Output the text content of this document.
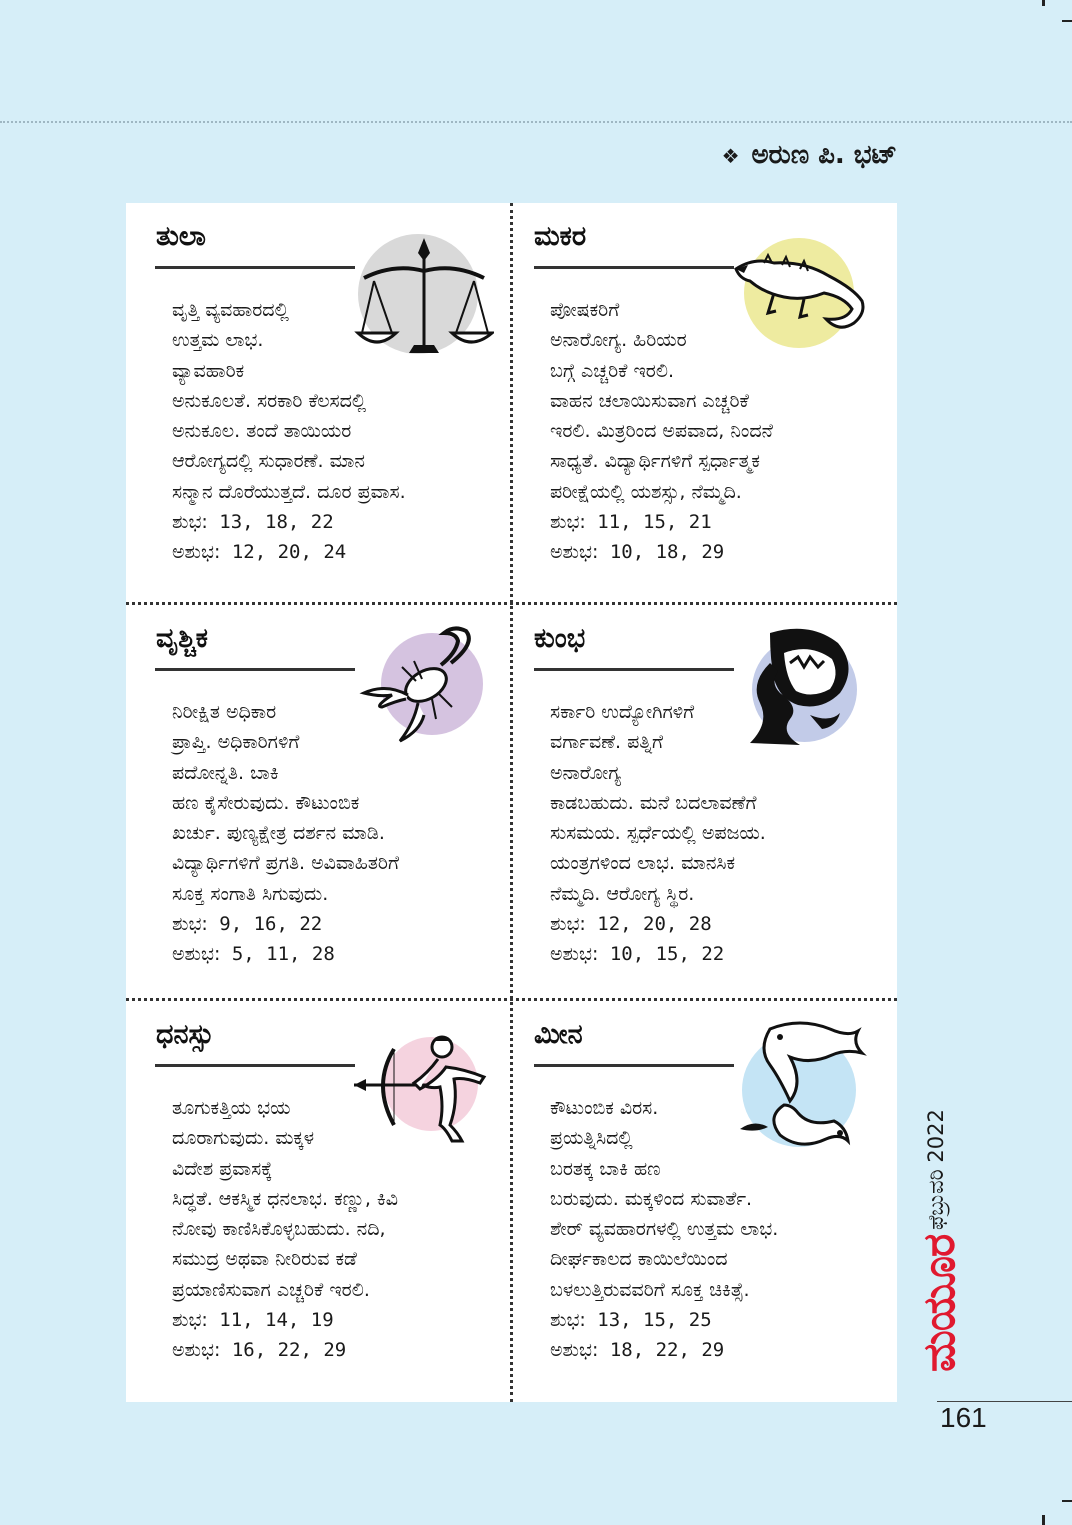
❖ ಅರುಣ ಪಿ. ಭಟ್
ತುಲಾ
ವೃತ್ತಿ ವ್ಯವಹಾರದಲ್ಲಿ
ಉತ್ತಮ ಲಾಭ.
ವ್ಯಾವಹಾರಿಕ
ಅನುಕೂಲತೆ. ಸರಕಾರಿ ಕೆಲಸದಲ್ಲಿ
ಅನುಕೂಲ. ತಂದೆ ತಾಯಿಯರ
ಆರೋಗ್ಯದಲ್ಲಿ ಸುಧಾರಣೆ. ಮಾನ
ಸನ್ಮಾನ ದೊರೆಯುತ್ತದೆ. ದೂರ ಪ್ರವಾಸ.
ಶುಭ: 13, 18, 22
ಅಶುಭ: 12, 20, 24
ಮಕರ
ಪೋಷಕರಿಗೆ
ಅನಾರೋಗ್ಯ. ಹಿರಿಯರ
ಬಗ್ಗೆ ಎಚ್ಚರಿಕೆ ಇರಲಿ.
ವಾಹನ ಚಲಾಯಿಸುವಾಗ ಎಚ್ಚರಿಕೆ
ಇರಲಿ. ಮಿತ್ರರಿಂದ ಅಪವಾದ, ನಿಂದನೆ
ಸಾಧ್ಯತೆ. ವಿದ್ಯಾರ್ಥಿಗಳಿಗೆ ಸ್ಪರ್ಧಾತ್ಮಕ
ಪರೀಕ್ಷೆಯಲ್ಲಿ ಯಶಸ್ಸು, ನೆಮ್ಮದಿ.
ಶುಭ: 11, 15, 21
ಅಶುಭ: 10, 18, 29
ವೃಶ್ಚಿಕ
ನಿರೀಕ್ಷಿತ ಅಧಿಕಾರ
ಪ್ರಾಪ್ತಿ. ಅಧಿಕಾರಿಗಳಿಗೆ
ಪದೋನ್ನತಿ. ಬಾಕಿ
ಹಣ ಕೈಸೇರುವುದು. ಕೌಟುಂಬಿಕ
ಖರ್ಚು. ಪುಣ್ಯಕ್ಷೇತ್ರ ದರ್ಶನ ಮಾಡಿ.
ವಿದ್ಯಾರ್ಥಿಗಳಿಗೆ ಪ್ರಗತಿ. ಅವಿವಾಹಿತರಿಗೆ
ಸೂಕ್ತ ಸಂಗಾತಿ ಸಿಗುವುದು.
ಶುಭ: 9, 16, 22
ಅಶುಭ: 5, 11, 28
ಕುಂಭ
ಸರ್ಕಾರಿ ಉದ್ಯೋಗಿಗಳಿಗೆ
ವರ್ಗಾವಣೆ. ಪತ್ನಿಗೆ
ಅನಾರೋಗ್ಯ
ಕಾಡಬಹುದು. ಮನೆ ಬದಲಾವಣೆಗೆ
ಸುಸಮಯ. ಸ್ಪರ್ಧೆಯಲ್ಲಿ ಅಪಜಯ.
ಯಂತ್ರಗಳಿಂದ ಲಾಭ. ಮಾನಸಿಕ
ನೆಮ್ಮದಿ. ಆರೋಗ್ಯ ಸ್ಥಿರ.
ಶುಭ: 12, 20, 28
ಅಶುಭ: 10, 15, 22
ಧನಸ್ಸು
ತೂಗುಕತ್ತಿಯ ಭಯ
ದೂರಾಗುವುದು. ಮಕ್ಕಳ
ವಿದೇಶ ಪ್ರವಾಸಕ್ಕೆ
ಸಿದ್ಧತೆ. ಆಕಸ್ಮಿಕ ಧನಲಾಭ. ಕಣ್ಣು, ಕಿವಿ
ನೋವು ಕಾಣಿಸಿಕೊಳ್ಳಬಹುದು. ನದಿ,
ಸಮುದ್ರ ಅಥವಾ ನೀರಿರುವ ಕಡೆ
ಪ್ರಯಾಣಿಸುವಾಗ ಎಚ್ಚರಿಕೆ ಇರಲಿ.
ಶುಭ: 11, 14, 19
ಅಶುಭ: 16, 22, 29
ಮೀನ
ಕೌಟುಂಬಿಕ ವಿರಸ.
ಪ್ರಯತ್ನಿಸಿದಲ್ಲಿ
ಬರತಕ್ಕ ಬಾಕಿ ಹಣ
ಬರುವುದು. ಮಕ್ಕಳಿಂದ ಸುವಾರ್ತೆ.
ಶೇರ್ ವ್ಯವಹಾರಗಳಲ್ಲಿ ಉತ್ತಮ ಲಾಭ.
ದೀರ್ಘಕಾಲದ ಕಾಯಿಲೆಯಿಂದ
ಬಳಲುತ್ತಿರುವವರಿಗೆ ಸೂಕ್ತ ಚಿಕಿತ್ಸೆ.
ಶುಭ: 13, 15, 25
ಅಶುಭ: 18, 22, 29
ಫೆಬ್ರುವರಿ 2022
ಮಯೂರ
161
